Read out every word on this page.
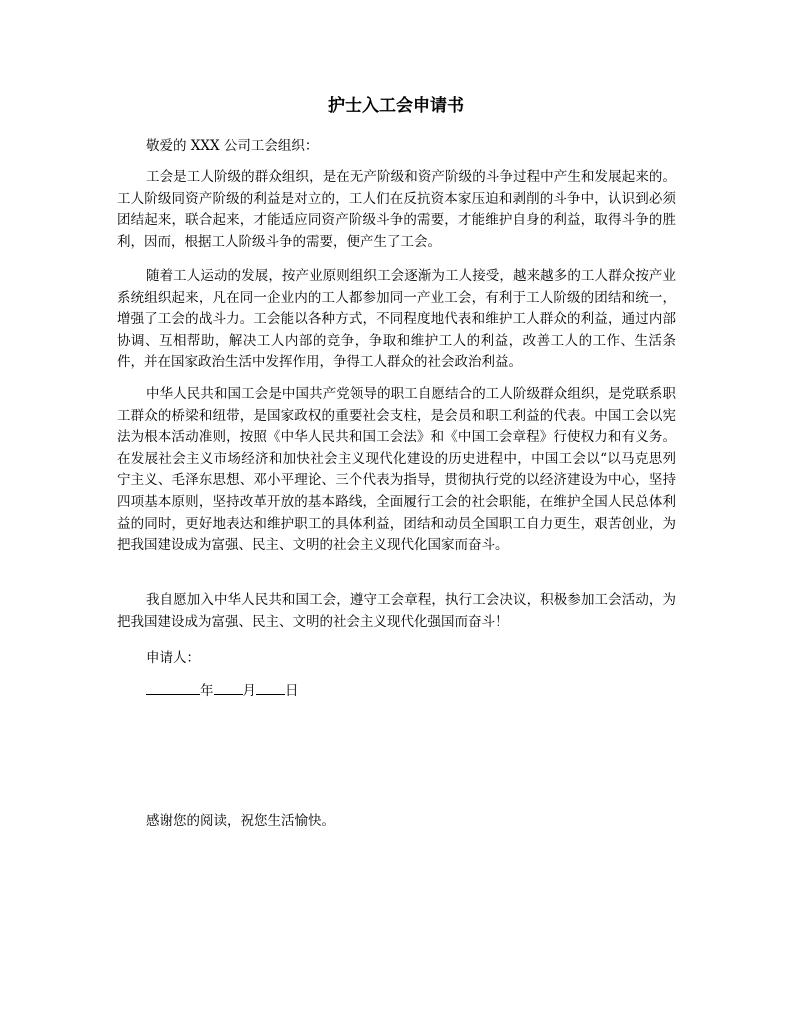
护士入工会申请书
敬爱的 XXX 公司工会组织：
工会是工人阶级的群众组织，是在无产阶级和资产阶级的斗争过程中产生和发展起来的。工人阶级同资产阶级的利益是对立的，工人们在反抗资本家压迫和剥削的斗争中，认识到必须团结起来，联合起来，才能适应同资产阶级斗争的需要，才能维护自身的利益，取得斗争的胜利，因而，根据工人阶级斗争的需要，便产生了工会。
随着工人运动的发展，按产业原则组织工会逐渐为工人接受，越来越多的工人群众按产业系统组织起来，凡在同一企业内的工人都参加同一产业工会，有利于工人阶级的团结和统一，增强了工会的战斗力。工会能以各种方式，不同程度地代表和维护工人群众的利益，通过内部协调、互相帮助，解决工人内部的竞争，争取和维护工人的利益，改善工人的工作、生活条件，并在国家政治生活中发挥作用，争得工人群众的社会政治利益。
中华人民共和国工会是中国共产党领导的职工自愿结合的工人阶级群众组织，是党联系职工群众的桥梁和纽带，是国家政权的重要社会支柱，是会员和职工利益的代表。中国工会以宪法为根本活动准则，按照《中华人民共和国工会法》和《中国工会章程》行使权力和有义务。在发展社会主义市场经济和加快社会主义现代化建设的历史进程中，中国工会以“以马克思列宁主义、毛泽东思想、邓小平理论、三个代表为指导，贯彻执行党的以经济建设为中心，坚持四项基本原则，坚持改革开放的基本路线，全面履行工会的社会职能，在维护全国人民总体利益的同时，更好地表达和维护职工的具体利益，团结和动员全国职工自力更生，艰苦创业，为把我国建设成为富强、民主、文明的社会主义现代化国家而奋斗。
我自愿加入中华人民共和国工会，遵守工会章程，执行工会决议，积极参加工会活动，为把我国建设成为富强、民主、文明的社会主义现代化强国而奋斗！
申请人：
年 月 日
感谢您的阅读，祝您生活愉快。
